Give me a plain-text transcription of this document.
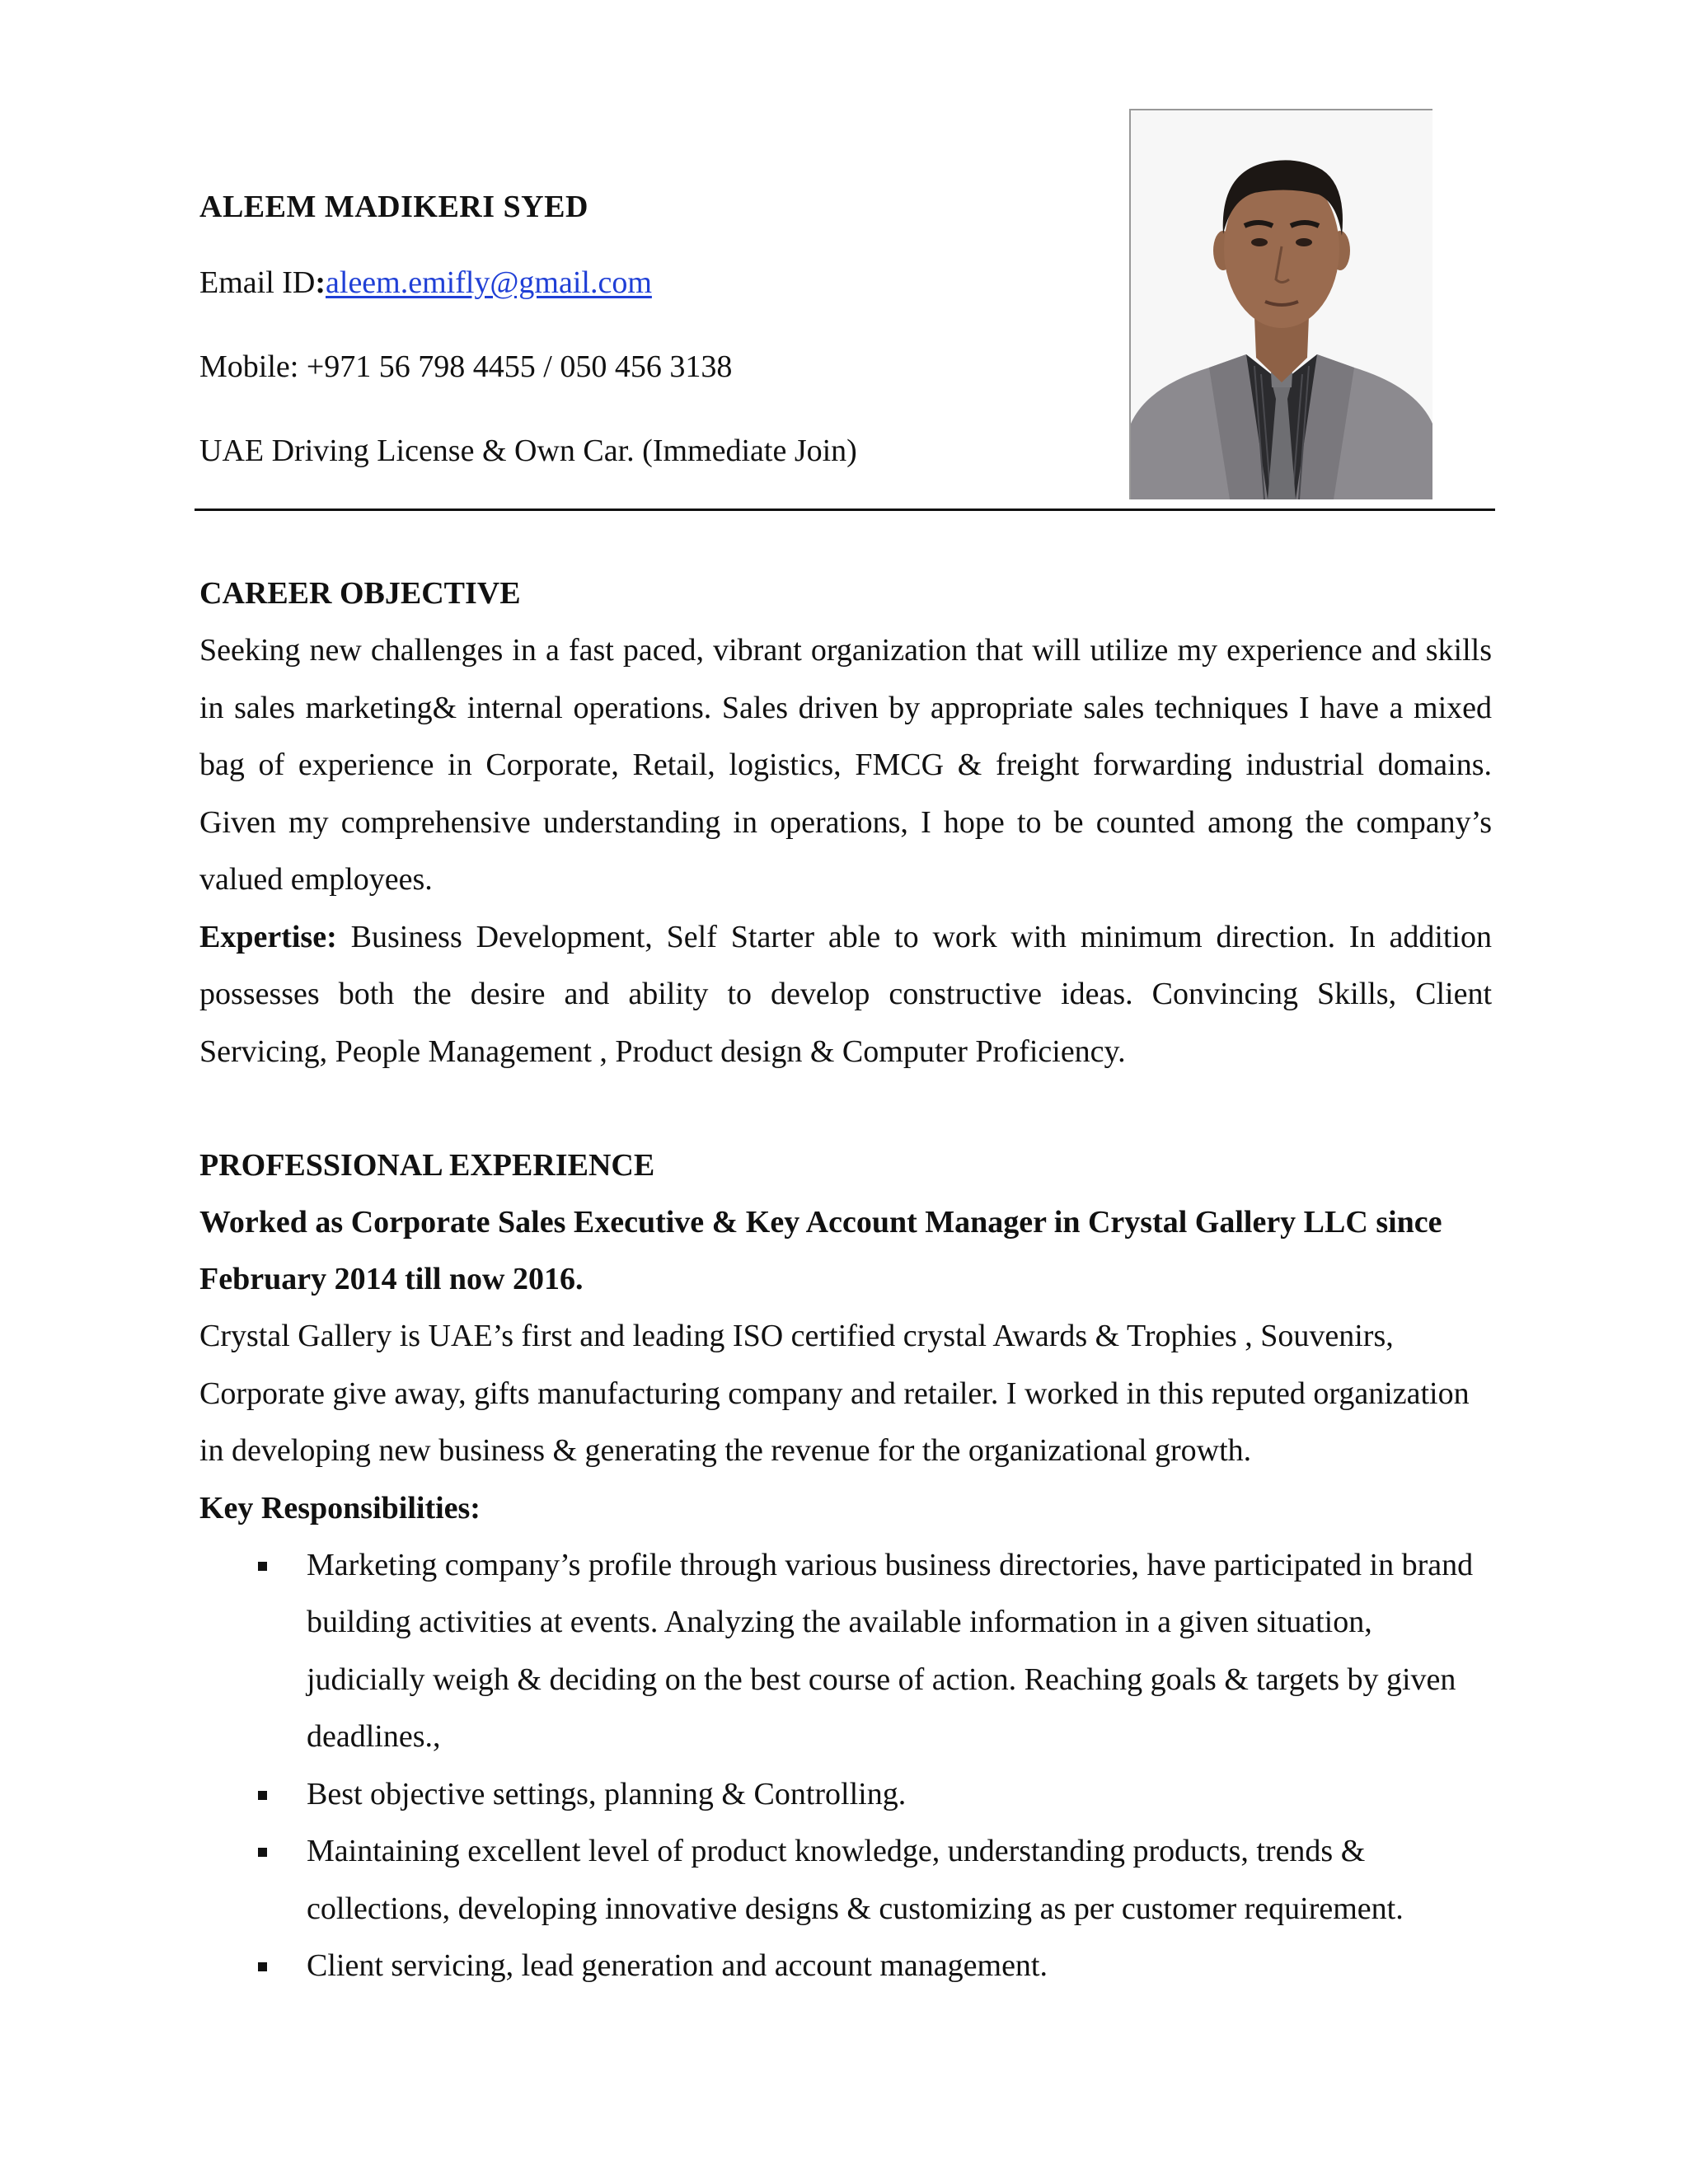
ALEEM MADIKERI SYED

Email ID:aleem.emifly@gmail.com

Mobile: +971 56 798 4455 / 050 456 3138

UAE Driving License & Own Car. (Immediate Join)

CAREER OBJECTIVE

Seeking new challenges in a fast paced, vibrant organization that will utilize my experience and skills in sales marketing& internal operations. Sales driven by appropriate sales techniques I have a mixed bag of experience in Corporate, Retail, logistics, FMCG & freight forwarding industrial domains. Given my comprehensive understanding in operations, I hope to be counted among the company’s valued employees.

Expertise: Business Development, Self Starter able to work with minimum direction. In addition possesses both the desire and ability to develop constructive ideas. Convincing Skills, Client Servicing, People Management , Product design & Computer Proficiency.

PROFESSIONAL EXPERIENCE

Worked as Corporate Sales Executive & Key Account Manager in Crystal Gallery LLC since February 2014 till now 2016.

Crystal Gallery is UAE’s first and leading ISO certified crystal Awards & Trophies , Souvenirs, Corporate give away, gifts manufacturing company and retailer. I worked in this reputed organization in developing new business & generating the revenue for the organizational growth.

Key Responsibilities:

Marketing company’s profile through various business directories, have participated in brand building activities at events. Analyzing the available information in a given situation, judicially weigh & deciding on the best course of action. Reaching goals & targets by given deadlines.,
Best objective settings, planning & Controlling.
Maintaining excellent level of product knowledge, understanding products, trends & collections, developing innovative designs & customizing as per customer requirement.
Client servicing, lead generation and account management.
